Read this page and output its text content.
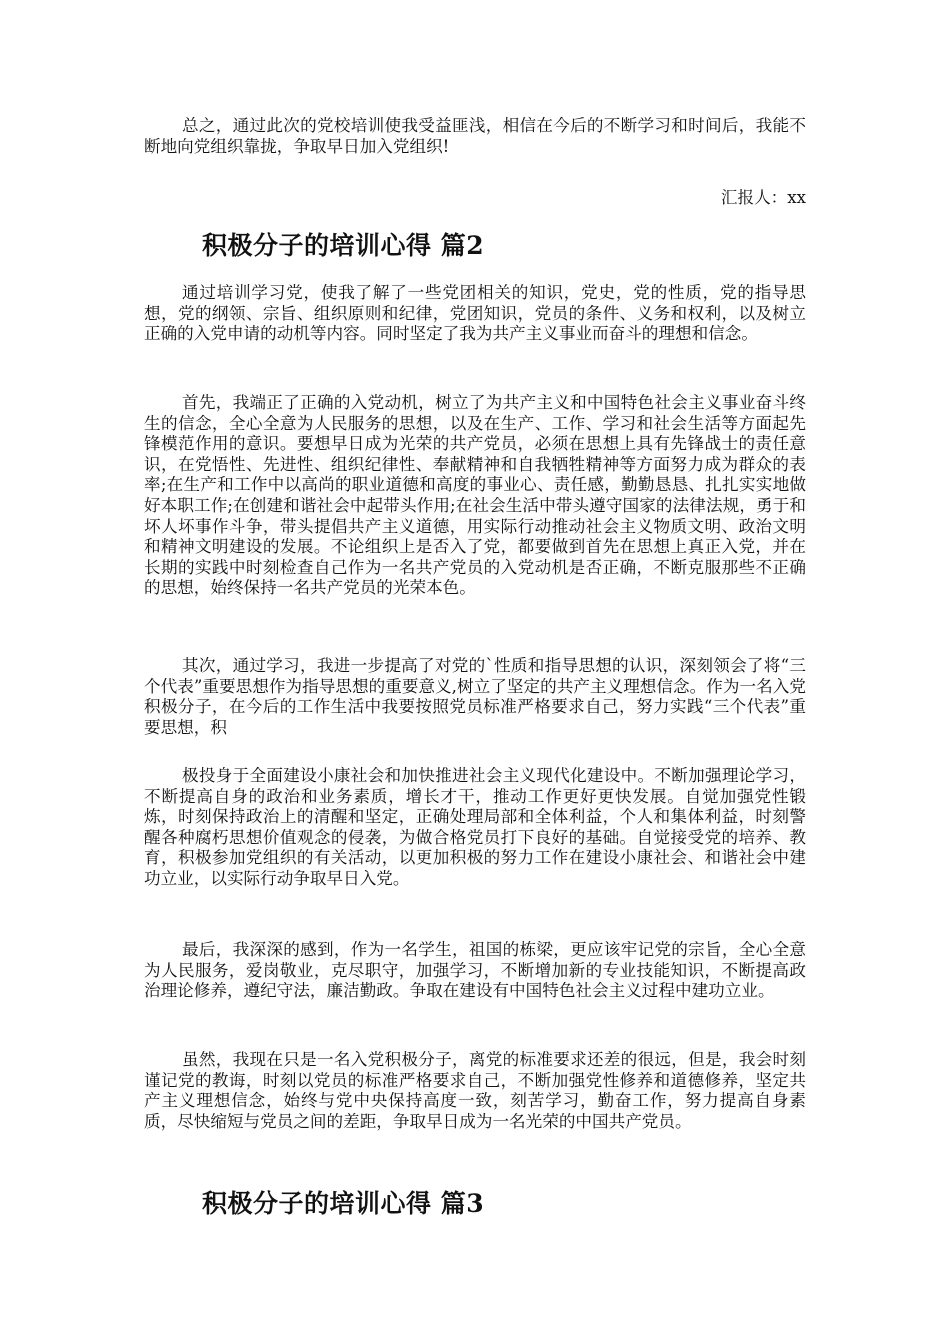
总之，通过此次的党校培训使我受益匪浅，相信在今后的不断学习和时间后，我能不断地向党组织靠拢，争取早日加入党组织!

汇报人：xx

积极分子的培训心得 篇2

通过培训学习党，使我了解了一些党团相关的知识，党史，党的性质，党的指导思想，党的纲领、宗旨、组织原则和纪律，党团知识，党员的条件、义务和权利，以及树立正确的入党申请的动机等内容。同时坚定了我为共产主义事业而奋斗的理想和信念。

首先，我端正了正确的入党动机，树立了为共产主义和中国特色社会主义事业奋斗终生的信念，全心全意为人民服务的思想，以及在生产、工作、学习和社会生活等方面起先锋模范作用的意识。要想早日成为光荣的共产党员，必须在思想上具有先锋战士的责任意识，在党悟性、先进性、组织纪律性、奉献精神和自我牺牲精神等方面努力成为群众的表率;在生产和工作中以高尚的职业道德和高度的事业心、责任感，勤勤恳恳、扎扎实实地做好本职工作;在创建和谐社会中起带头作用;在社会生活中带头遵守国家的法律法规，勇于和坏人坏事作斗争，带头提倡共产主义道德，用实际行动推动社会主义物质文明、政治文明和精神文明建设的发展。不论组织上是否入了党，都要做到首先在思想上真正入党，并在长期的实践中时刻检查自己作为一名共产党员的入党动机是否正确，不断克服那些不正确的思想，始终保持一名共产党员的光荣本色。

其次，通过学习，我进一步提高了对党的`性质和指导思想的认识，深刻领会了将“三个代表”重要思想作为指导思想的重要意义,树立了坚定的共产主义理想信念。作为一名入党积极分子，在今后的工作生活中我要按照党员标准严格要求自己，努力实践“三个代表”重要思想，积

极投身于全面建设小康社会和加快推进社会主义现代化建设中。不断加强理论学习，不断提高自身的政治和业务素质，增长才干，推动工作更好更快发展。自觉加强党性锻炼，时刻保持政治上的清醒和坚定，正确处理局部和全体利益，个人和集体利益，时刻警醒各种腐朽思想价值观念的侵袭，为做合格党员打下良好的基础。自觉接受党的培养、教育，积极参加党组织的有关活动，以更加积极的努力工作在建设小康社会、和谐社会中建功立业，以实际行动争取早日入党。

最后，我深深的感到，作为一名学生，祖国的栋梁，更应该牢记党的宗旨，全心全意为人民服务，爱岗敬业，克尽职守，加强学习，不断增加新的专业技能知识，不断提高政治理论修养，遵纪守法，廉洁勤政。争取在建设有中国特色社会主义过程中建功立业。

虽然，我现在只是一名入党积极分子，离党的标准要求还差的很远，但是，我会时刻谨记党的教诲，时刻以党员的标准严格要求自己，不断加强党性修养和道德修养，坚定共产主义理想信念，始终与党中央保持高度一致，刻苦学习，勤奋工作，努力提高自身素质，尽快缩短与党员之间的差距，争取早日成为一名光荣的中国共产党员。

积极分子的培训心得 篇3
